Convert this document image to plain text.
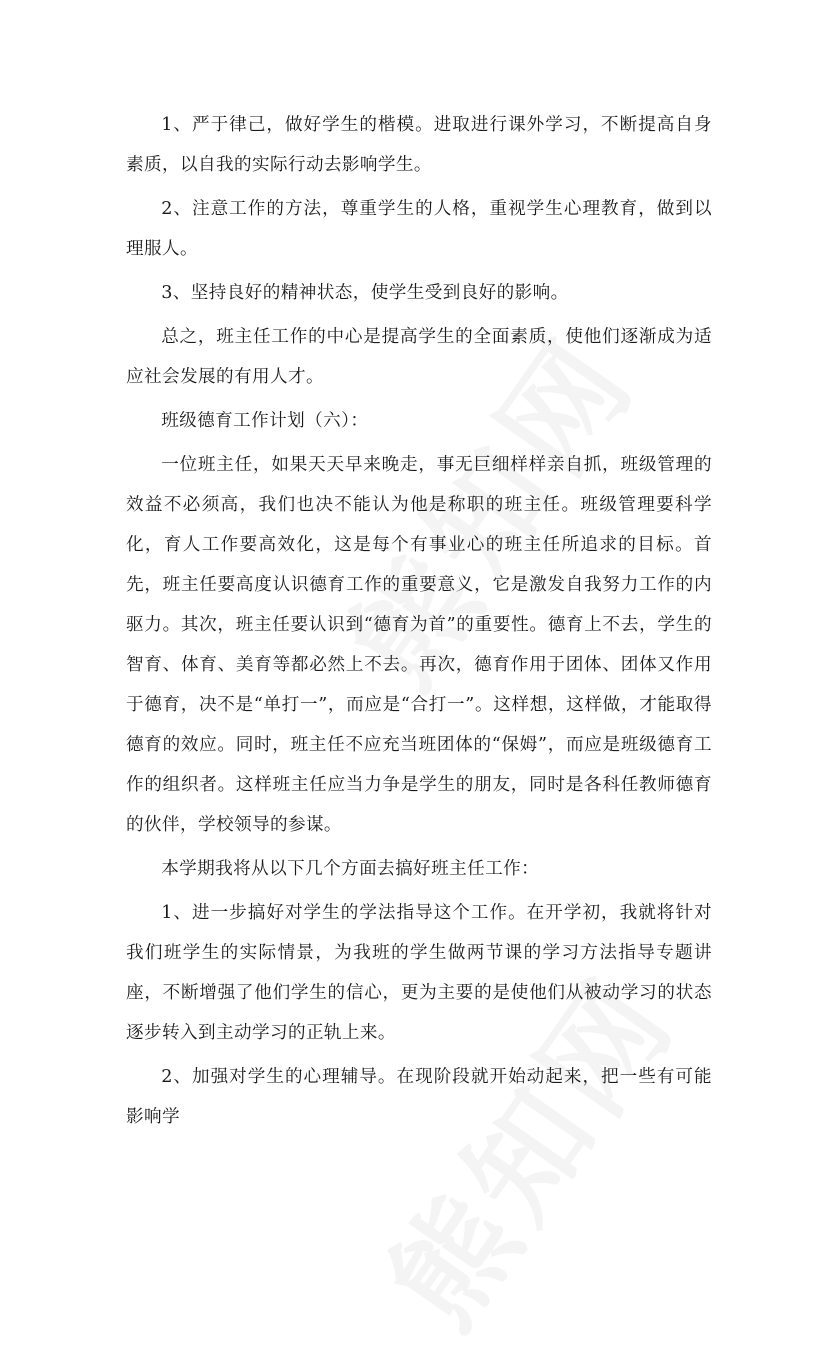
1、严于律己，做好学生的楷模。进取进行课外学习，不断提高自身素质，以自我的实际行动去影响学生。

2、注意工作的方法，尊重学生的人格，重视学生心理教育，做到以理服人。

3、坚持良好的精神状态，使学生受到良好的影响。

总之，班主任工作的中心是提高学生的全面素质，使他们逐渐成为适应社会发展的有用人才。

班级德育工作计划（六）：

一位班主任，如果天天早来晚走，事无巨细样样亲自抓，班级管理的效益不必须高，我们也决不能认为他是称职的班主任。班级管理要科学化，育人工作要高效化，这是每个有事业心的班主任所追求的目标。首先，班主任要高度认识德育工作的重要意义，它是激发自我努力工作的内驱力。其次，班主任要认识到“德育为首”的重要性。德育上不去，学生的智育、体育、美育等都必然上不去。再次，德育作用于团体、团体又作用于德育，决不是“单打一”，而应是“合打一”。这样想，这样做，才能取得德育的效应。同时，班主任不应充当班团体的“保姆”，而应是班级德育工作的组织者。这样班主任应当力争是学生的朋友，同时是各科任教师德育的伙伴，学校领导的参谋。

本学期我将从以下几个方面去搞好班主任工作：

1、进一步搞好对学生的学法指导这个工作。在开学初，我就将针对我们班学生的实际情景，为我班的学生做两节课的学习方法指导专题讲座，不断增强了他们学生的信心，更为主要的是使他们从被动学习的状态逐步转入到主动学习的正轨上来。

2、加强对学生的心理辅导。在现阶段就开始动起来，把一些有可能影响学
